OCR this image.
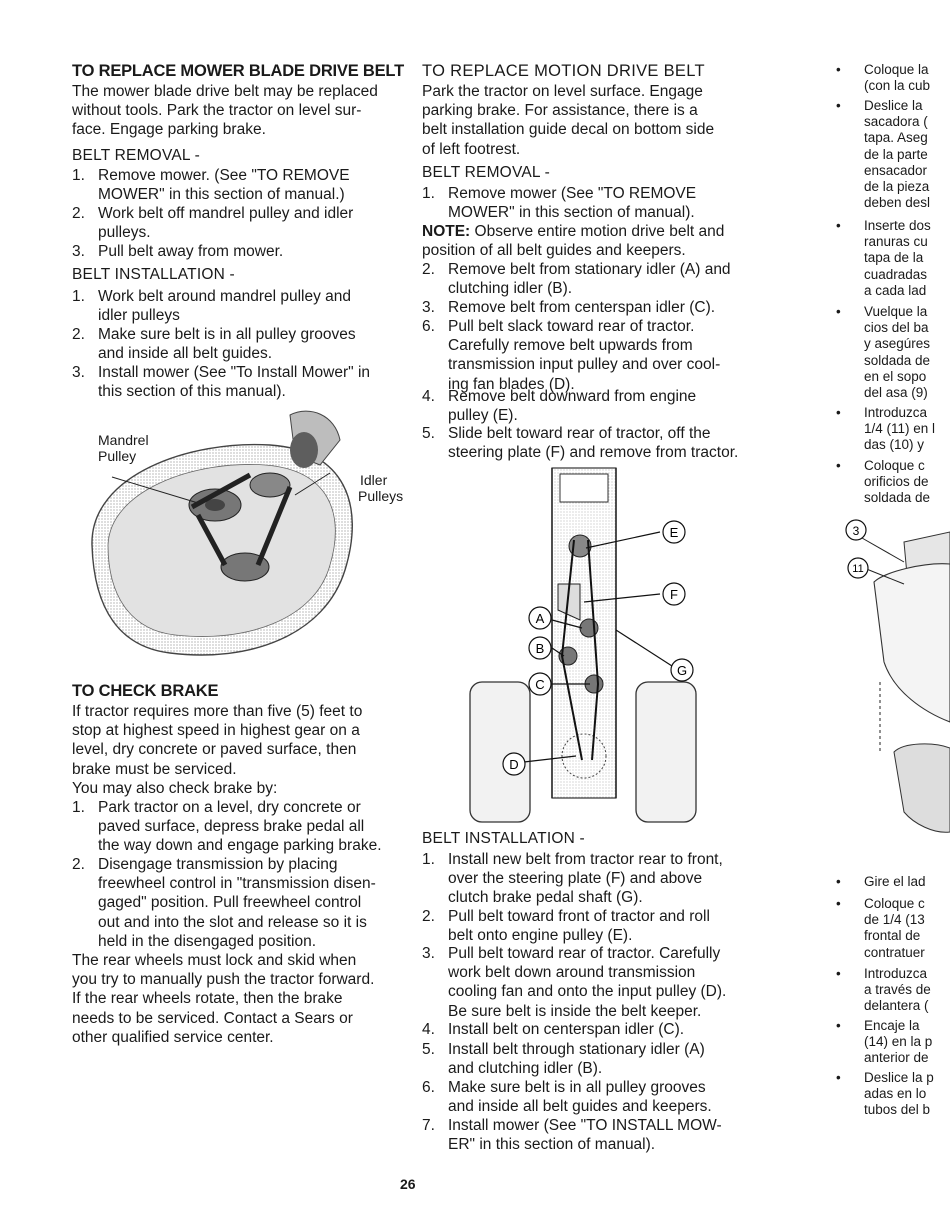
TO REPLACE MOWER BLADE DRIVE BELT
The mower blade drive belt may be replaced
without tools. Park the tractor on level sur-
face. Engage parking brake.
BELT REMOVAL -
1. Remove mower. (See "TO REMOVE
MOWER" in this section of manual.)
2. Work belt off mandrel pulley and idler
pulleys.
3. Pull belt away from mower.
BELT INSTALLATION -
1. Work belt around mandrel pulley and
idler pulleys
2. Make sure belt is in all pulley grooves
and inside all belt guides.
3. Install mower (See "To Install Mower" in
this section of this manual).
Mandrel
Pulley
Idler
Pulleys
TO CHECK BRAKE
If tractor requires more than five (5) feet to
stop at highest speed in highest gear on a
level, dry concrete or paved surface, then
brake must be serviced.
You may also check brake by:
1. Park tractor on a level, dry concrete or
paved surface, depress brake pedal all
the way down and engage parking brake.
2. Disengage transmission by placing
freewheel control in "transmission disen-
gaged" position. Pull freewheel control
out and into the slot and release so it is
held in the disengaged position.
The rear wheels must lock and skid when
you try to manually push the tractor forward.
If the rear wheels rotate, then the brake
needs to be serviced. Contact a Sears or
other qualified service center.
TO REPLACE MOTION DRIVE BELT
Park the tractor on level surface. Engage
parking brake. For assistance, there is a
belt installation guide decal on bottom side
of left footrest.
BELT REMOVAL -
1. Remove mower (See "TO REMOVE
MOWER" in this section of manual).
NOTE: Observe entire motion drive belt and
position of all belt guides and keepers.
2. Remove belt from stationary idler (A) and
clutching idler (B).
3. Remove belt from centerspan idler (C).
6. Pull belt slack toward rear of tractor.
Carefully remove belt upwards from
transmission input pulley and over cool-
ing fan blades (D).
4. Remove belt downward from engine
pulley (E).
5. Slide belt toward rear of tractor, off the
steering plate (F) and remove from tractor.
E
F
A
B
G
C
D
BELT INSTALLATION -
1. Install new belt from tractor rear to front,
over the steering plate (F) and above
clutch brake pedal shaft (G).
2. Pull belt toward front of tractor and roll
belt onto engine pulley (E).
3. Pull belt toward rear of tractor. Carefully
work belt down around transmission
cooling fan and onto the input pulley (D).
Be sure belt is inside the belt keeper.
4. Install belt on centerspan idler (C).
5. Install belt through stationary idler (A)
and clutching idler (B).
6. Make sure belt is in all pulley grooves
and inside all belt guides and keepers.
7. Install mower (See "TO INSTALL MOW-
ER" in this section of manual).
• Coloque la
(con la cub
• Deslice la
sacadora (
tapa. Aseg
de la parte
ensacador
de la pieza
deben desl
• Inserte dos
ranuras cu
tapa de la
cuadradas
a cada lad
• Vuelque la
cios del ba
y asegúres
soldada de
en el sopo
del asa (9)
• Introduzca
1/4 (11) en l
das (10) y
• Coloque c
orificios de
soldada de
3
11
• Gire el lad
• Coloque c
de 1/4 (13
frontal de
contratuer
• Introduzca
a través de
delantera (
• Encaje la
(14) en la p
anterior de
• Deslice la p
adas en lo
tubos del b
26
